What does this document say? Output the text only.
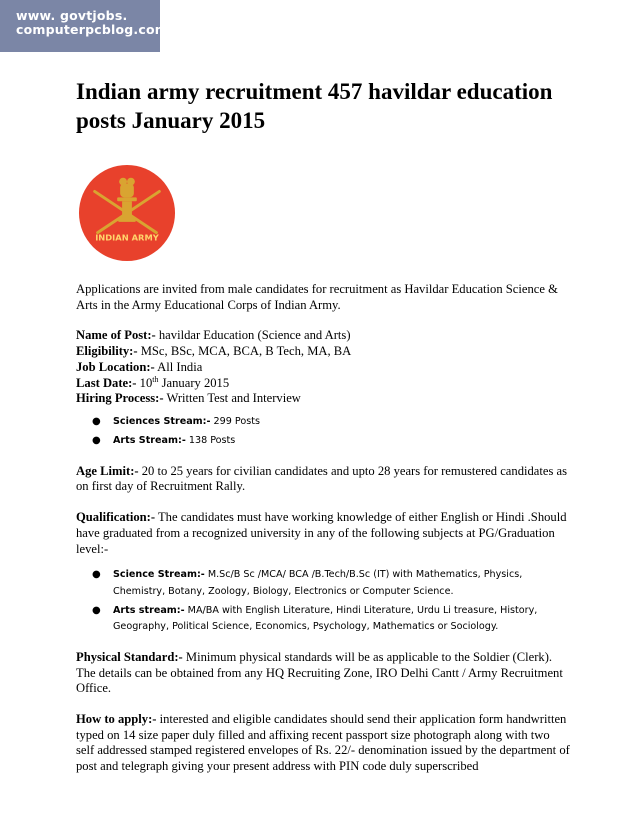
www. govtjobs.
computerpcblog.com
Indian army recruitment 457 havildar education posts January 2015
INDIAN ARMY

Applications are invited from male candidates for recruitment as Havildar Education Science & Arts in the Army Educational Corps of Indian Army.

Name of Post:- havildar Education (Science and Arts)

Eligibility:- MSc, BSc, MCA, BCA, B Tech, MA, BA

Job Location:- All India

Last Date:- 10th January 2015

Hiring Process:- Written Test and Interview

● Sciences Stream:- 299 Posts
● Arts Stream:- 138 Posts

Age Limit:- 20 to 25 years for civilian candidates and upto 28 years for remustered candidates as on first day of Recruitment Rally.

Qualification:- The candidates must have working knowledge of either English or Hindi .Should have graduated from a recognized university in any of the following subjects at PG/Graduation level:-

● Science Stream:- M.Sc/B Sc /MCA/ BCA /B.Tech/B.Sc (IT) with Mathematics, Physics, Chemistry, Botany, Zoology, Biology, Electronics or Computer Science.
● Arts stream:- MA/BA with English Literature, Hindi Literature, Urdu Li treasure, History, Geography, Political Science, Economics, Psychology, Mathematics or Sociology.

Physical Standard:- Minimum physical standards will be as applicable to the Soldier (Clerk). The details can be obtained from any HQ Recruiting Zone, IRO Delhi Cantt / Army Recruitment Office.

How to apply:- interested and eligible candidates should send their application form handwritten typed on 14 size paper duly filled and affixing recent passport size photograph along with two self addressed stamped registered envelopes of Rs. 22/- denomination issued by the department of post and telegraph giving your present address with PIN code duly superscribed
